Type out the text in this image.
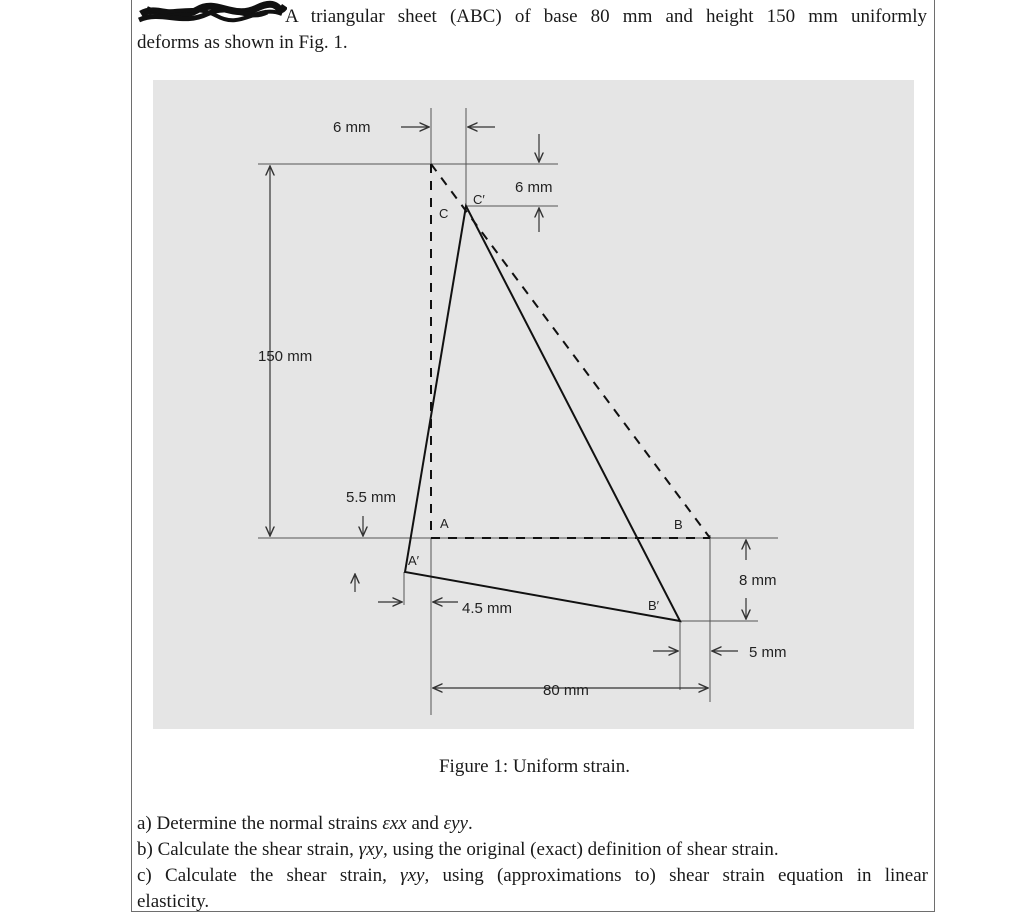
A triangular sheet (ABC) of base 80 mm and height 150 mm uniformly
deforms as shown in Fig. 1.
6 mm
6 mm
150 mm
5.5 mm
4.5 mm
8 mm
5 mm
80 mm
A
A′
B
B′
C
C′
Figure 1: Uniform strain.

a) Determine the normal strains εxx and εyy.

b) Calculate the shear strain, γxy, using the original (exact) definition of shear strain.

c) Calculate the shear strain, γxy, using (approximations to) shear strain equation in linear

elasticity.
